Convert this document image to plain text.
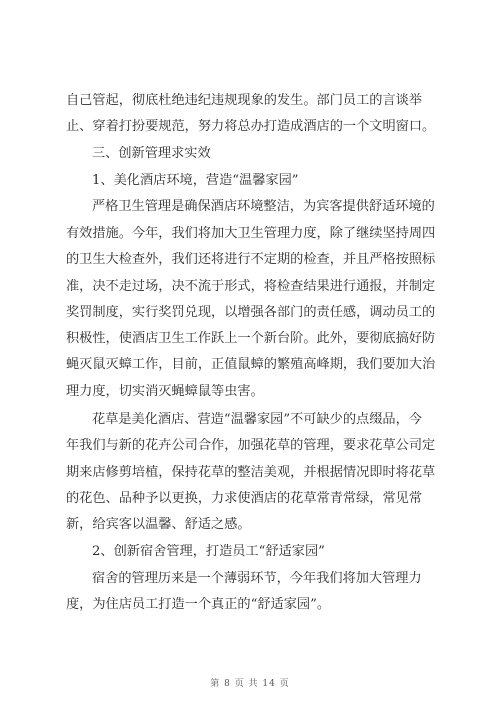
自己管起，彻底杜绝违纪违规现象的发生。部门员工的言谈举
止、穿着打扮要规范，努力将总办打造成酒店的一个文明窗口。
三、创新管理求实效
1、美化酒店环境，营造“温馨家园”
严格卫生管理是确保酒店环境整洁，为宾客提供舒适环境的
有效措施。今年，我们将加大卫生管理力度，除了继续坚持周四
的卫生大检查外，我们还将进行不定期的检查，并且严格按照标
准，决不走过场，决不流于形式，将检查结果进行通报，并制定
奖罚制度，实行奖罚兑现，以增强各部门的责任感，调动员工的
积极性，使酒店卫生工作跃上一个新台阶。此外，要彻底搞好防
蝇灭鼠灭蟑工作，目前，正值鼠蟑的繁殖高峰期，我们要加大治
理力度，切实消灭蝇蟑鼠等虫害。
花草是美化酒店、营造“温馨家园”不可缺少的点缀品，今
年我们与新的花卉公司合作，加强花草的管理，要求花草公司定
期来店修剪培植，保持花草的整洁美观，并根据情况即时将花草
的花色、品种予以更换，力求使酒店的花草常青常绿，常见常
新，给宾客以温馨、舒适之感。
2、创新宿舍管理，打造员工“舒适家园”
宿舍的管理历来是一个薄弱环节，今年我们将加大管理力
度，为住店员工打造一个真正的“舒适家园”。
第 8 页 共 14 页
